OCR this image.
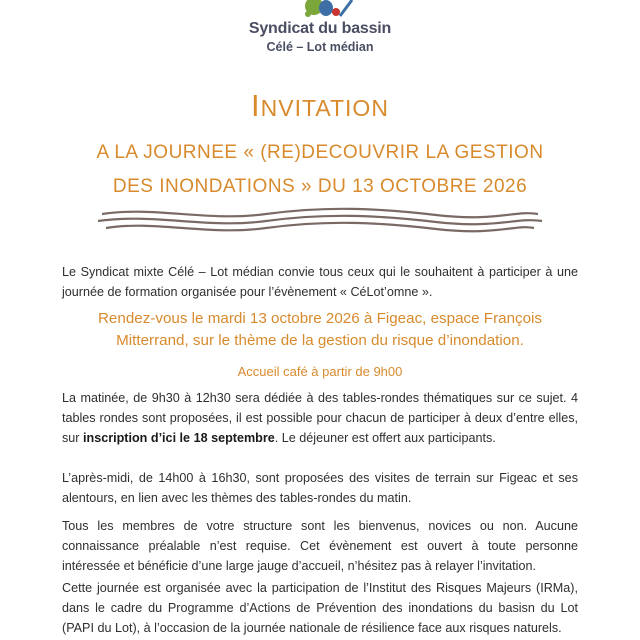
Syndicat du bassin
Célé – Lot médian
INVITATION
A LA JOURNEE « (RE)DECOUVRIR LA GESTION
DES INONDATIONS » DU 13 OCTOBRE 2026
Le Syndicat mixte Célé – Lot médian convie tous ceux qui le souhaitent à participer à une journée de formation organisée pour l’évènement « CéLot’omne ».
Rendez-vous le mardi 13 octobre 2026 à Figeac, espace François Mitterrand, sur le thème de la gestion du risque d’inondation.
Accueil café à partir de 9h00
La matinée, de 9h30 à 12h30 sera dédiée à des tables-rondes thématiques sur ce sujet. 4 tables rondes sont proposées, il est possible pour chacun de participer à deux d’entre elles, sur inscription d’ici le 18 septembre. Le déjeuner est offert aux participants.
L’après-midi, de 14h00 à 16h30, sont proposées des visites de terrain sur Figeac et ses alentours, en lien avec les thèmes des tables-rondes du matin.
Tous les membres de votre structure sont les bienvenus, novices ou non. Aucune connaissance préalable n’est requise. Cet évènement est ouvert à toute personne intéressée et bénéficie d’une large jauge d’accueil, n’hésitez pas à relayer l’invitation.
Cette journée est organisée avec la participation de l’Institut des Risques Majeurs (IRMa), dans le cadre du Programme d’Actions de Prévention des inondations du basisn du Lot (PAPI du Lot), à l’occasion de la journée nationale de résilience face aux risques naturels.
